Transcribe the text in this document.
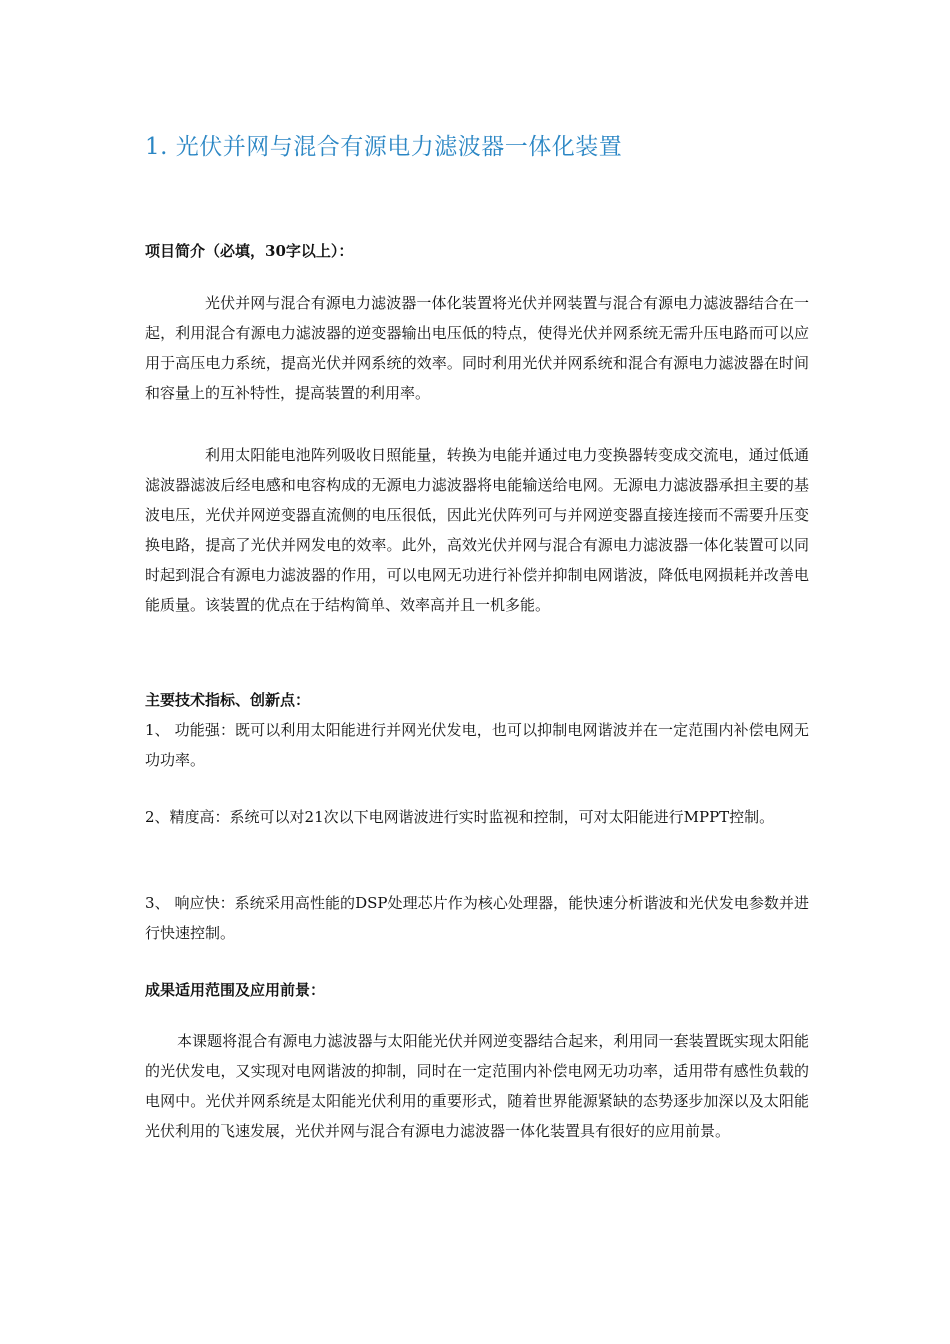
1. 光伏并网与混合有源电力滤波器一体化装置
项目简介（必填，30字以上）：

光伏并网与混合有源电力滤波器一体化装置将光伏并网装置与混合有源电力滤波器结合在一起，利用混合有源电力滤波器的逆变器输出电压低的特点，使得光伏并网系统无需升压电路而可以应用于高压电力系统，提高光伏并网系统的效率。同时利用光伏并网系统和混合有源电力滤波器在时间和容量上的互补特性，提高装置的利用率。

利用太阳能电池阵列吸收日照能量，转换为电能并通过电力变换器转变成交流电，通过低通滤波器滤波后经电感和电容构成的无源电力滤波器将电能输送给电网。无源电力滤波器承担主要的基波电压，光伏并网逆变器直流侧的电压很低，因此光伏阵列可与并网逆变器直接连接而不需要升压变换电路，提高了光伏并网发电的效率。此外，高效光伏并网与混合有源电力滤波器一体化装置可以同时起到混合有源电力滤波器的作用，可以电网无功进行补偿并抑制电网谐波，降低电网损耗并改善电能质量。该装置的优点在于结构简单、效率高并且一机多能。

主要技术指标、创新点：

1、 功能强：既可以利用太阳能进行并网光伏发电，也可以抑制电网谐波并在一定范围内补偿电网无功功率。

2、精度高：系统可以对21次以下电网谐波进行实时监视和控制，可对太阳能进行MPPT控制。

3、 响应快：系统采用高性能的DSP处理芯片作为核心处理器，能快速分析谐波和光伏发电参数并进行快速控制。

成果适用范围及应用前景：

本课题将混合有源电力滤波器与太阳能光伏并网逆变器结合起来，利用同一套装置既实现太阳能的光伏发电，又实现对电网谐波的抑制，同时在一定范围内补偿电网无功功率，适用带有感性负载的电网中。光伏并网系统是太阳能光伏利用的重要形式，随着世界能源紧缺的态势逐步加深以及太阳能光伏利用的飞速发展，光伏并网与混合有源电力滤波器一体化装置具有很好的应用前景。
